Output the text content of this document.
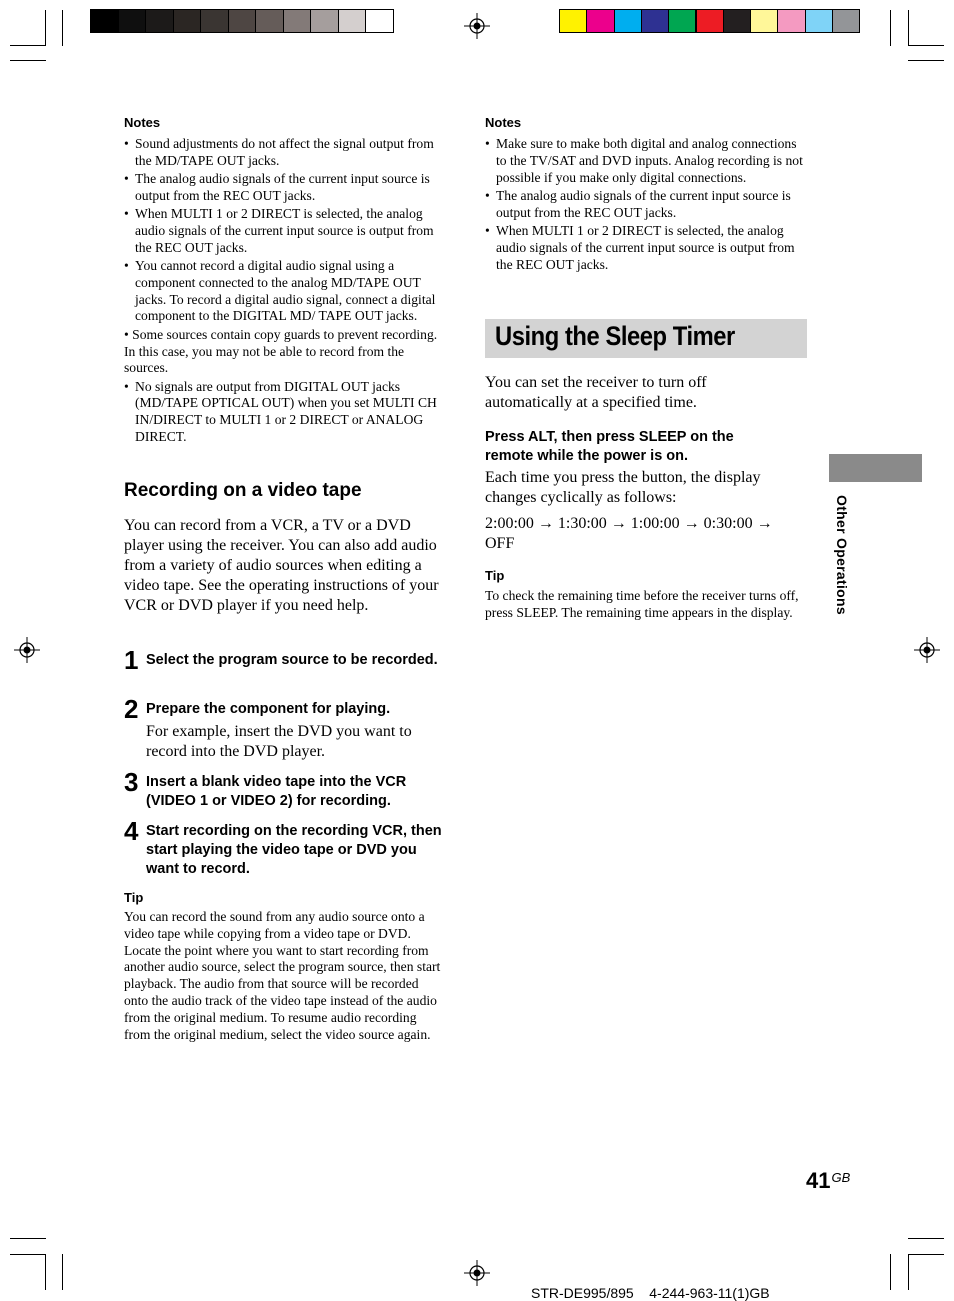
Notes
• Sound adjustments do not affect the signal output from the MD/TAPE OUT jacks.
• The analog audio signals of the current input source is output from the REC OUT jacks.
• When MULTI 1 or 2 DIRECT is selected, the analog audio signals of the current input source is output from the REC OUT jacks.
• You cannot record a digital audio signal using a component connected to the analog MD/TAPE OUT jacks. To record a digital audio signal, connect a digital component to the DIGITAL MD/ TAPE OUT jacks.
• Some sources contain copy guards to prevent recording. In this case, you may not be able to record from the sources.
• No signals are output from DIGITAL OUT jacks (MD/TAPE OPTICAL OUT) when you set MULTI CH IN/DIRECT to MULTI 1 or 2 DIRECT or ANALOG DIRECT.
Recording on a video tape
You can record from a VCR, a TV or a DVD player using the receiver. You can also add audio from a variety of audio sources when editing a video tape. See the operating instructions of your VCR or DVD player if you need help.
1 Select the program source to be recorded.
2 Prepare the component for playing.
For example, insert the DVD you want to record into the DVD player.
3 Insert a blank video tape into the VCR (VIDEO 1 or VIDEO 2) for recording.
4 Start recording on the recording VCR, then start playing the video tape or DVD you want to record.
Tip
You can record the sound from any audio source onto a video tape while copying from a video tape or DVD. Locate the point where you want to start recording from another audio source, select the program source, then start playback. The audio from that source will be recorded onto the audio track of the video tape instead of the audio from the original medium. To resume audio recording from the original medium, select the video source again.
Notes
• Make sure to make both digital and analog connections to the TV/SAT and DVD inputs. Analog recording is not possible if you make only digital connections.
• The analog audio signals of the current input source is output from the REC OUT jacks.
• When MULTI 1 or 2 DIRECT is selected, the analog audio signals of the current input source is output from the REC OUT jacks.
Using the Sleep Timer
You can set the receiver to turn off automatically at a specified time.
Press ALT, then press SLEEP on the remote while the power is on.
Each time you press the button, the display changes cyclically as follows:
2:00:00 → 1:30:00 → 1:00:00 → 0:30:00 →
OFF
Tip
To check the remaining time before the receiver turns off, press SLEEP. The remaining time appears in the display.	Other Operations
$41^{GB}$
STR-DE995/895    4-244-963-11(1)GB
